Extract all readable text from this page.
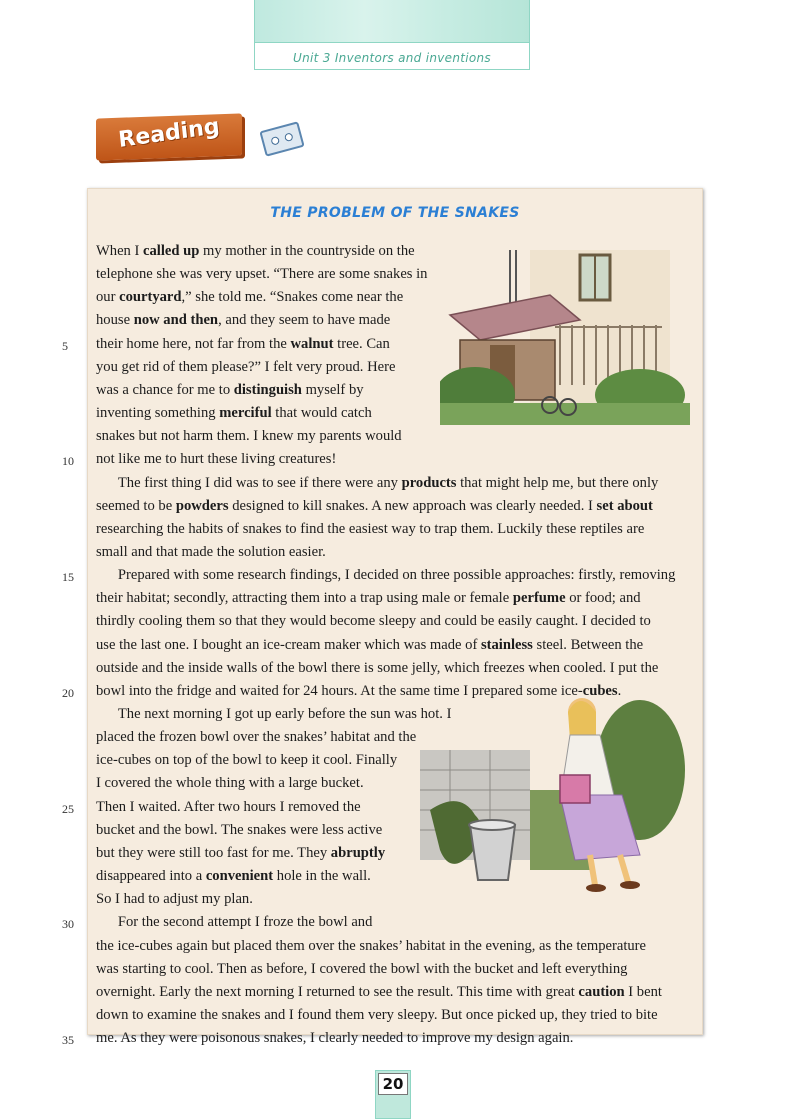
Unit 3 Inventors and inventions
Reading
THE PROBLEM OF THE SNAKES
When I called up my mother in the countryside on the
telephone she was very upset. “There are some snakes in
our courtyard,” she told me. “Snakes come near the
house now and then, and they seem to have made
their home here, not far from the walnut tree. Can
you get rid of them please?” I felt very proud. Here
was a chance for me to distinguish myself by
inventing something merciful that would catch
snakes but not harm them. I knew my parents would
not like me to hurt these living creatures!
  The first thing I did was to see if there were any products that might help me, but there only
seemed to be powders designed to kill snakes. A new approach was clearly needed. I set about
researching the habits of snakes to find the easiest way to trap them. Luckily these reptiles are
small and that made the solution easier.
  Prepared with some research findings, I decided on three possible approaches: firstly, removing
their habitat; secondly, attracting them into a trap using male or female perfume or food; and
thirdly cooling them so that they would become sleepy and could be easily caught. I decided to
use the last one. I bought an ice-cream maker which was made of stainless steel. Between the
outside and the inside walls of the bowl there is some jelly, which freezes when cooled. I put the
bowl into the fridge and waited for 24 hours. At the same time I prepared some ice-cubes.
  The next morning I got up early before the sun was hot. I
placed the frozen bowl over the snakes’ habitat and the
ice-cubes on top of the bowl to keep it cool. Finally
I covered the whole thing with a large bucket.
Then I waited. After two hours I removed the
bucket and the bowl. The snakes were less active
but they were still too fast for me. They abruptly
disappeared into a convenient hole in the wall.
So I had to adjust my plan.
  For the second attempt I froze the bowl and
the ice-cubes again but placed them over the snakes’ habitat in the evening, as the temperature
was starting to cool. Then as before, I covered the bowl with the bucket and left everything
overnight. Early the next morning I returned to see the result. This time with great caution I bent
down to examine the snakes and I found them very sleepy. But once picked up, they tried to bite
me. As they were poisonous snakes, I clearly needed to improve my design again.
5
10
15
20
25
30
35
20
